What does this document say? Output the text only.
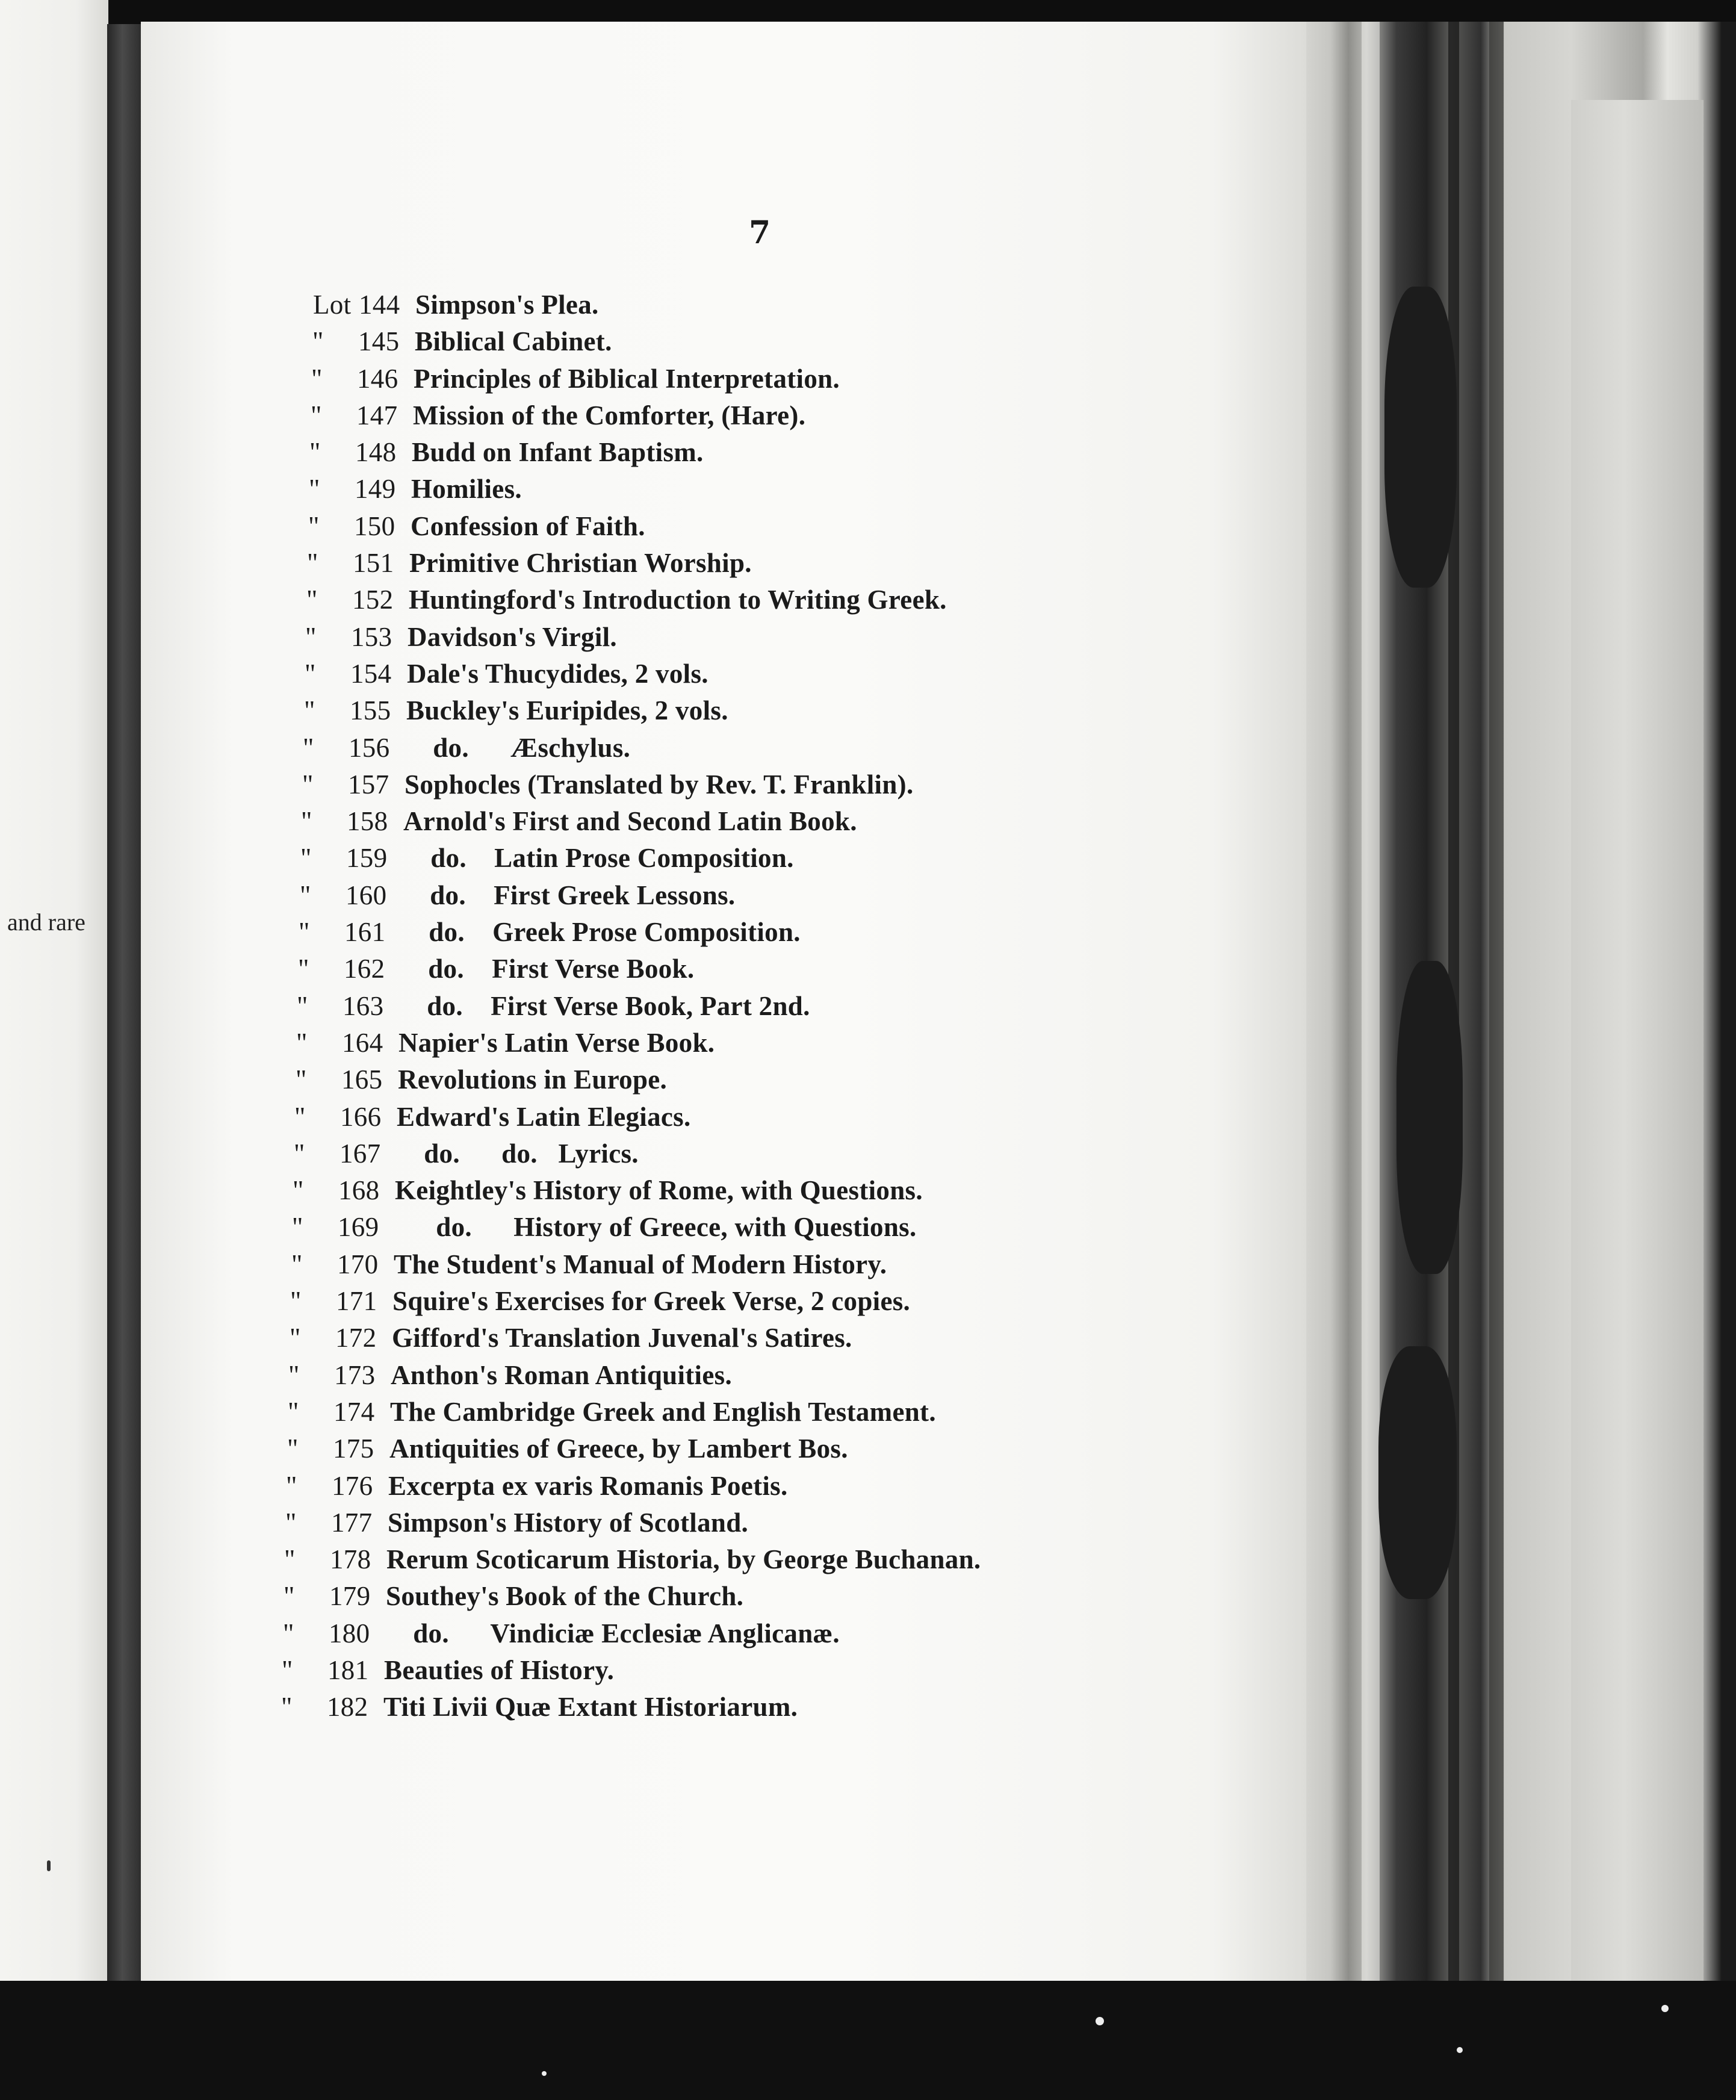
and rare
7
Lot 144 Simpson's Plea.
" 145 Biblical Cabinet.
" 146 Principles of Biblical Interpretation.
" 147 Mission of the Comforter, (Hare).
" 148 Budd on Infant Baptism.
" 149 Homilies.
" 150 Confession of Faith.
" 151 Primitive Christian Worship.
" 152 Huntingford's Introduction to Writing Greek.
" 153 Davidson's Virgil.
" 154 Dale's Thucydides, 2 vols.
" 155 Buckley's Euripides, 2 vols.
" 156    do.      Æschylus.
" 157 Sophocles (Translated by Rev. T. Franklin).
" 158 Arnold's First and Second Latin Book.
" 159    do.    Latin Prose Composition.
" 160    do.    First Greek Lessons.
" 161    do.    Greek Prose Composition.
" 162    do.    First Verse Book.
" 163    do.    First Verse Book, Part 2nd.
" 164 Napier's Latin Verse Book.
" 165 Revolutions in Europe.
" 166 Edward's Latin Elegiacs.
" 167    do.      do.   Lyrics.
" 168 Keightley's History of Rome, with Questions.
" 169      do.      History of Greece, with Questions.
" 170 The Student's Manual of Modern History.
" 171 Squire's Exercises for Greek Verse, 2 copies.
" 172 Gifford's Translation Juvenal's Satires.
" 173 Anthon's Roman Antiquities.
" 174 The Cambridge Greek and English Testament.
" 175 Antiquities of Greece, by Lambert Bos.
" 176 Excerpta ex varis Romanis Poetis.
" 177 Simpson's History of Scotland.
" 178 Rerum Scoticarum Historia, by George Buchanan.
" 179 Southey's Book of the Church.
" 180    do.      Vindiciæ Ecclesiæ Anglicanæ.
" 181 Beauties of History.
" 182 Titi Livii Quæ Extant Historiarum.
